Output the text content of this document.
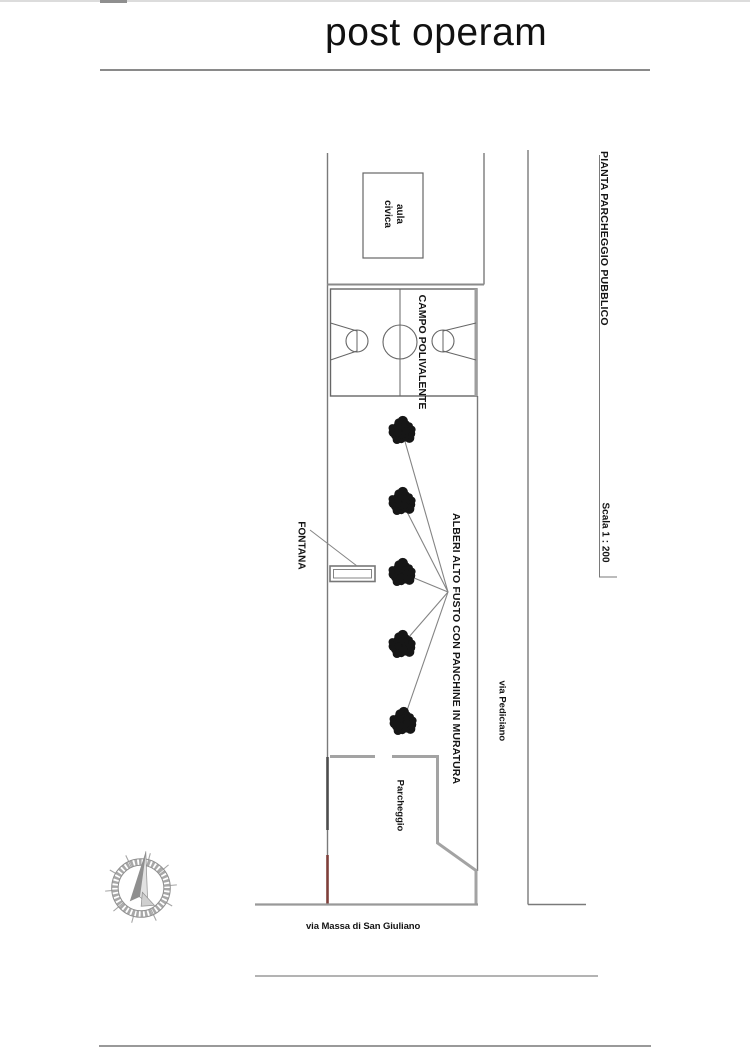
post operam
PIANTA PARCHEGGIO PUBBLICO
Scala 1 : 200
aula
civica
CAMPO POLIVALENTE
FONTANA	ALBERI ALTO FUSTO CON PANCHINE IN MURATURA	via Pediciano
Parcheggio
via Massa di San Giuliano
